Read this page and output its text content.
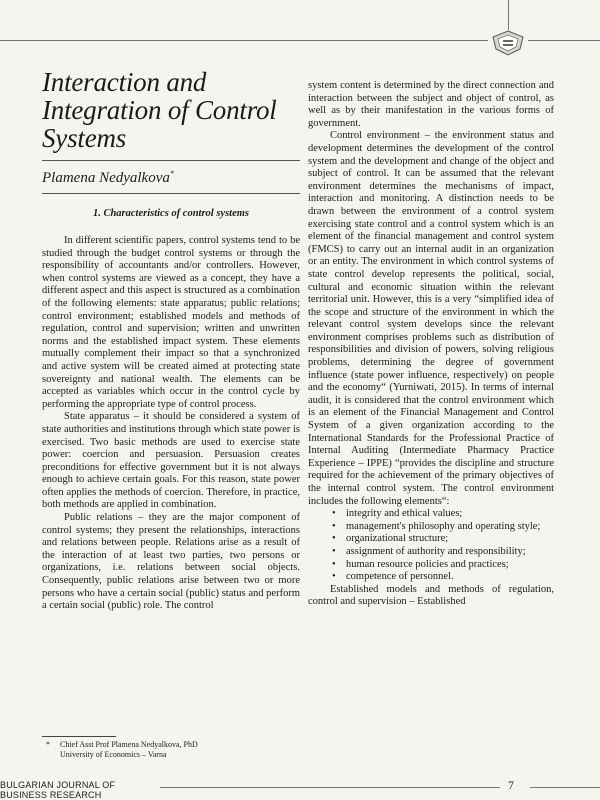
Interaction and
Integration of Control
Systems
Plamena Nedyalkova*
1. Characteristics of control systems

In different scientific papers, control systems tend to be studied through the budget control systems or through the responsibility of accountants and/or controllers. However, when control systems are viewed as a concept, they have a different aspect and this aspect is structured as a combination of the following elements: state apparatus; public relations; control environment; established models and methods of regulation, control and supervision; written and unwritten norms and the established impact system. These elements mutually complement their impact so that a synchronized and active system will be created aimed at protecting state sovereignty and national wealth. The elements can be accepted as variables which occur in the control cycle by performing the appropriate type of control process.

State apparatus – it should be considered a system of state authorities and institutions through which state power is exercised. Two basic methods are used to exercise state power: coercion and persuasion. Persuasion creates preconditions for effective government but it is not always enough to achieve certain goals. For this reason, state power often applies the methods of coercion. Therefore, in practice, both methods are applied in combination.

Public relations – they are the major component of control systems; they present the relationships, interactions and relations between people. Relations arise as a result of the interaction of at least two parties, two persons or organizations, i.e. relations between social objects. Consequently, public relations arise between two or more persons who have a certain social (public) status and perform a certain social (public) role. The control

system content is determined by the direct connection and interaction between the subject and object of control, as well as by their manifestation in the various forms of government.

Control environment – the environment status and development determines the development of the control system and the development and change of the object and subject of control. It can be assumed that the relevant environment determines the mechanisms of impact, interaction and monitoring. A distinction needs to be drawn between the environment of a control system exercising state control and a control system which is an element of the financial management and control system (FMCS) to carry out an internal audit in an organization or an entity. The environment in which control systems of state control develop represents the political, social, cultural and economic situation within the relevant territorial unit. However, this is a very “simplified idea of the scope and structure of the environment in which the relevant control system develops since the relevant environment comprises problems such as distribution of responsibilities and division of powers, solving religious problems, determining the degree of government influence (state power influence, respectively) on people and the economy“ (Yurniwati, 2015). In terms of internal audit, it is considered that the control environment which is an element of the Financial Management and Control System of a given organization according to the International Standards for the Professional Practice of Internal Auditing (Intermediate Pharmacy Practice Experience – IPPE) “provides the discipline and structure required for the achievement of the primary objectives of the internal control system. The control environment includes the following elements“:

• integrity and ethical values;
• management's philosophy and operating style;
• organizational structure;
• assignment of authority and responsibility;
• human resource policies and practices;
• competence of personnel.

Established models and methods of regulation, control and supervision – Established

* Chief Asst Prof Plamena Nedyalkova, PhD
University of Economics – Varna
BULGARIAN JOURNAL OF
BUSINESS RESEARCH
7
